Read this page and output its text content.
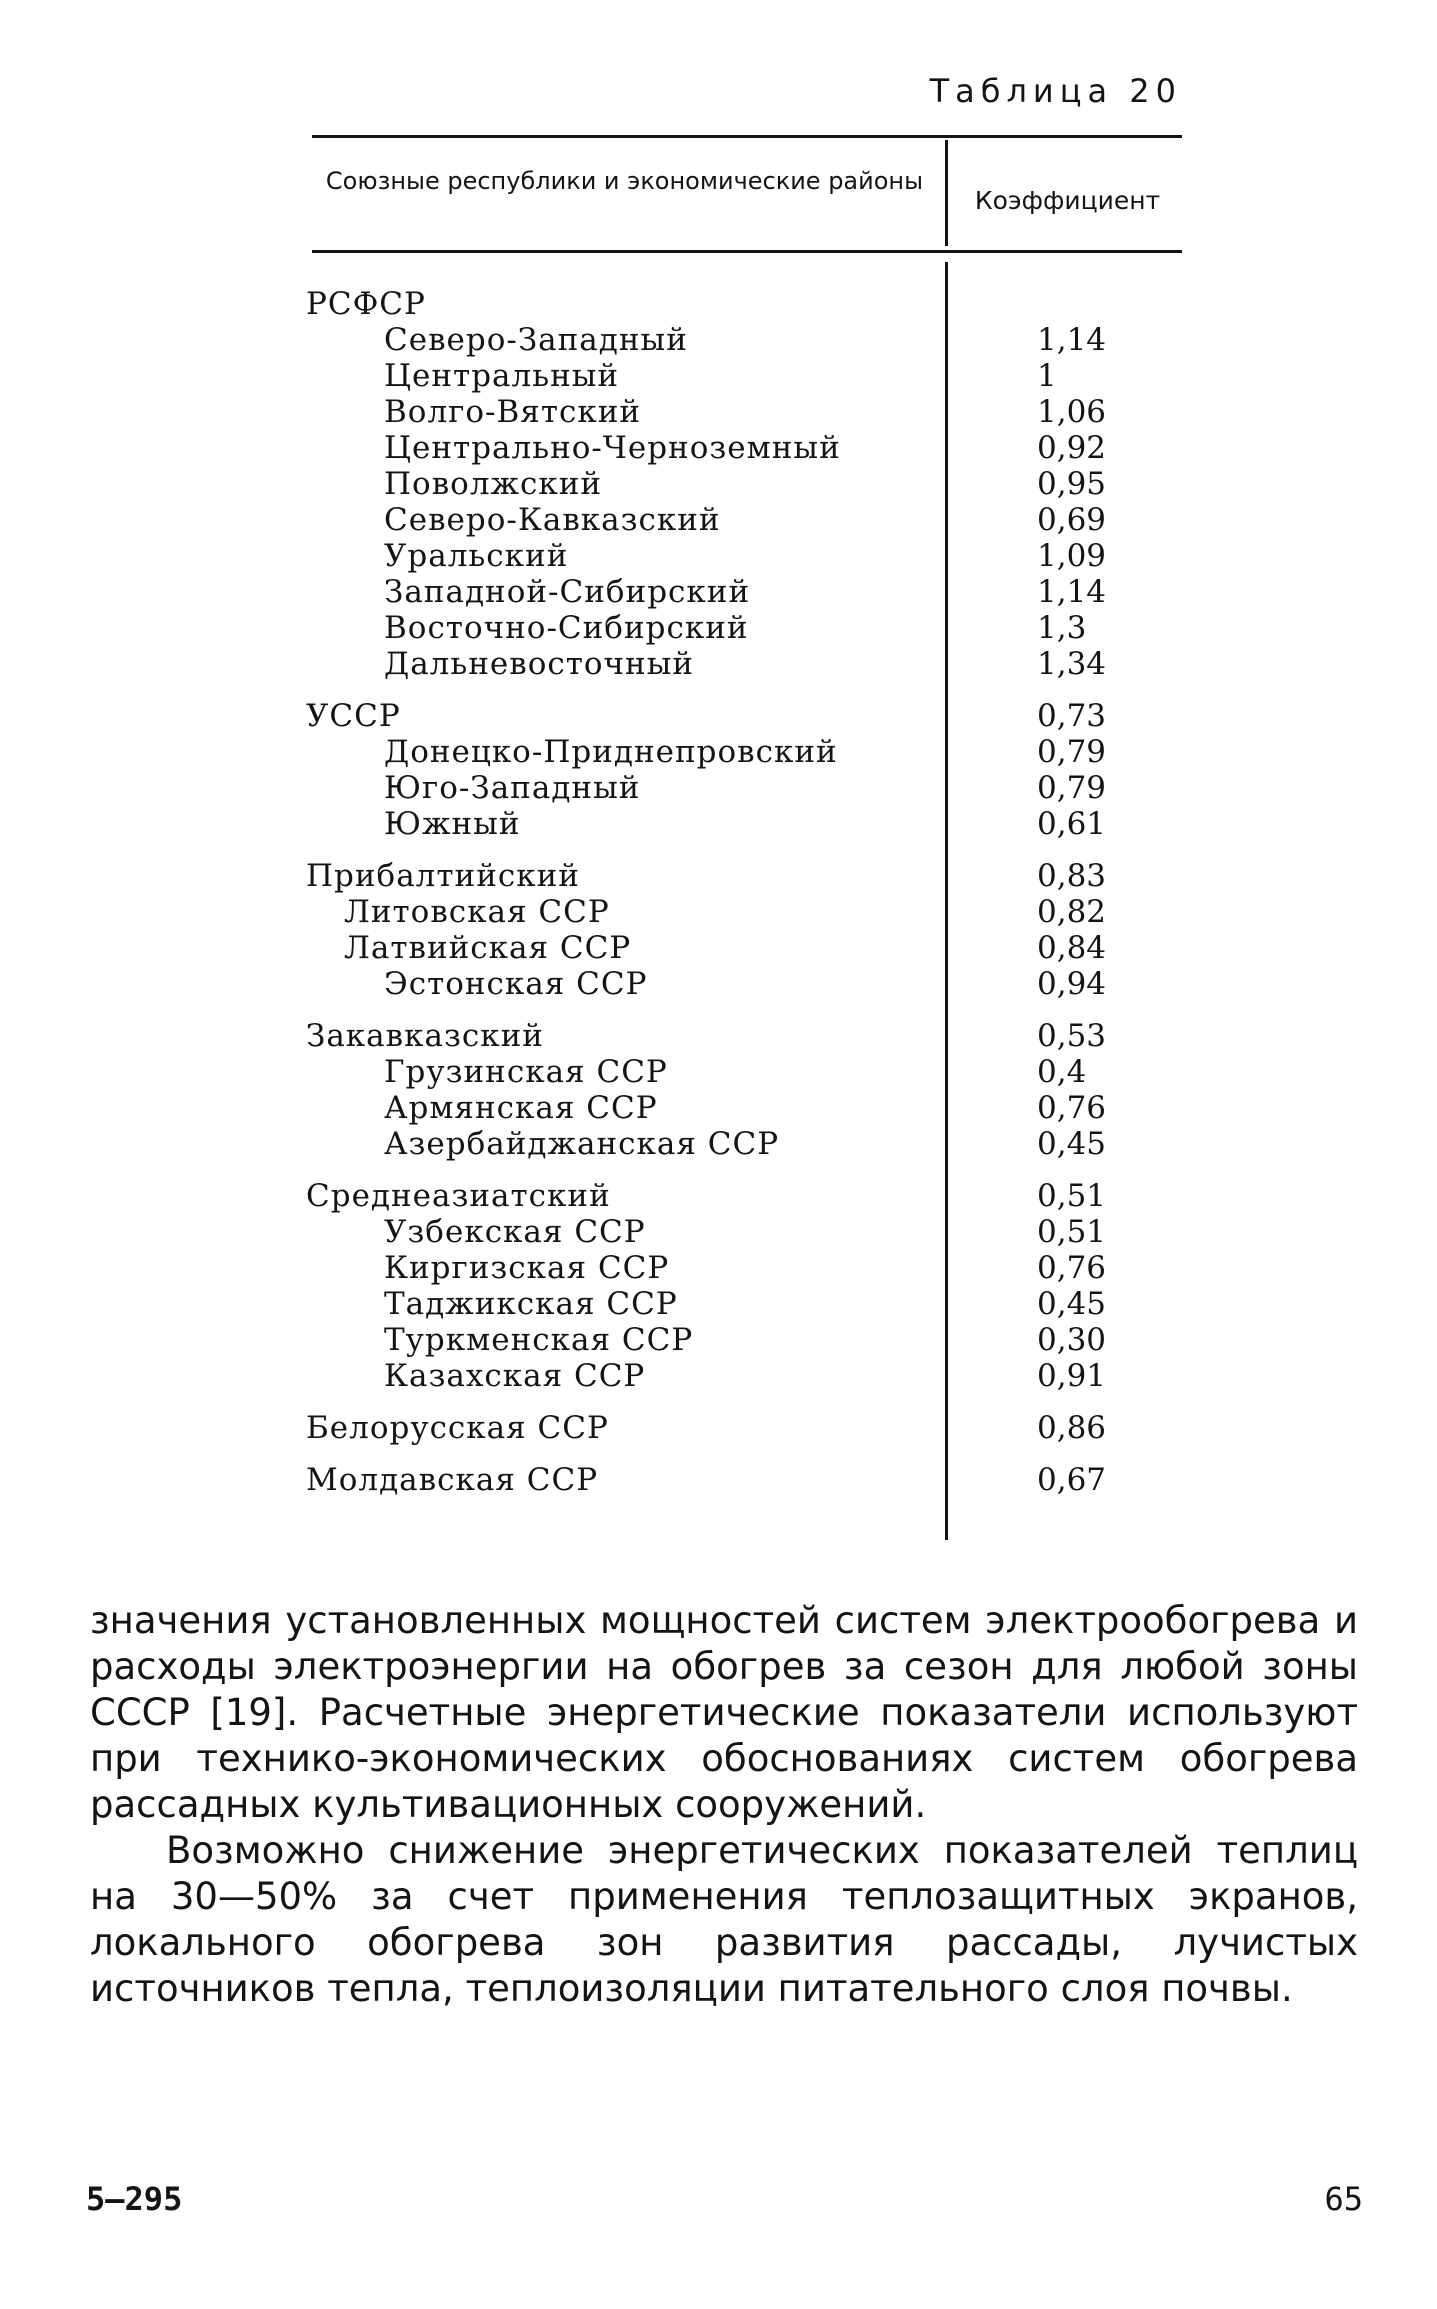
Таблица 20
Союзные республики и экономические районы
Коэффициент
РСФСР
Северо-Западный	1,14
Центральный	1
Волго-Вятский	1,06
Центрально-Черноземный	0,92
Поволжский	0,95
Северо-Кавказский	0,69
Уральский	1,09
Западной-Сибирский	1,14
Восточно-Сибирский	1,3
Дальневосточный	1,34
УССР	0,73
Донецко-Приднепровский	0,79
Юго-Западный	0,79
Южный	0,61
Прибалтийский	0,83
Литовская ССР	0,82
Латвийская ССР	0,84
Эстонская ССР	0,94
Закавказский	0,53
Грузинская ССР	0,4
Армянская ССР	0,76
Азербайджанская ССР	0,45
Среднеазиатский	0,51
Узбекская ССР	0,51
Киргизская ССР	0,76
Таджикская ССР	0,45
Туркменская ССР	0,30
Казахская ССР	0,91
Белорусская ССР	0,86
Молдавская ССР	0,67

значения установленных мощностей систем электрообогрева и расходы электроэнергии на обогрев за сезон для любой зоны СССР [19]. Расчетные энергетические показатели используют при технико-экономических обоснованиях систем обогрева рассадных культивационных сооружений.

Возможно снижение энергетических показателей теплиц на 30—50% за счет применения теплозащитных экранов, локального обогрева зон развития рассады, лучистых источников тепла, теплоизоляции питательного слоя почвы.

5—295	65
